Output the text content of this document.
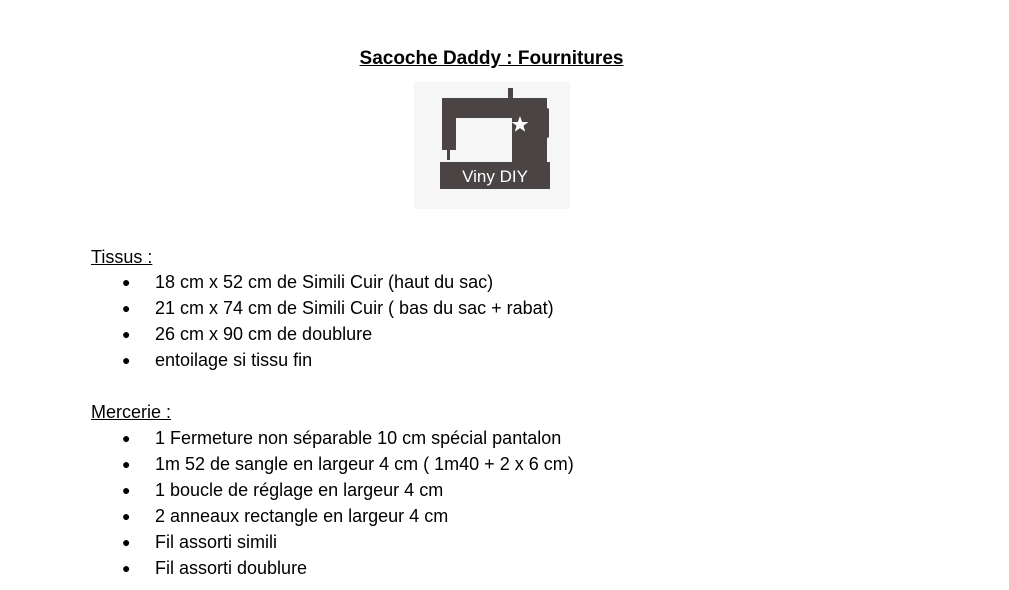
Sacoche Daddy : Fournitures
Viny DIY
Tissus :
●
18 cm x 52 cm de Simili Cuir (haut du sac)
●
21 cm x 74 cm de Simili Cuir ( bas du sac + rabat)
●
26 cm x 90 cm de doublure
●
entoilage si tissu fin
Mercerie :
●
1 Fermeture non séparable 10 cm spécial pantalon
●
1m 52 de sangle en largeur 4 cm ( 1m40 + 2 x 6 cm)
●
1 boucle de réglage en largeur 4 cm
●
2 anneaux rectangle en largeur 4 cm
●
Fil assorti simili
●
Fil assorti doublure
